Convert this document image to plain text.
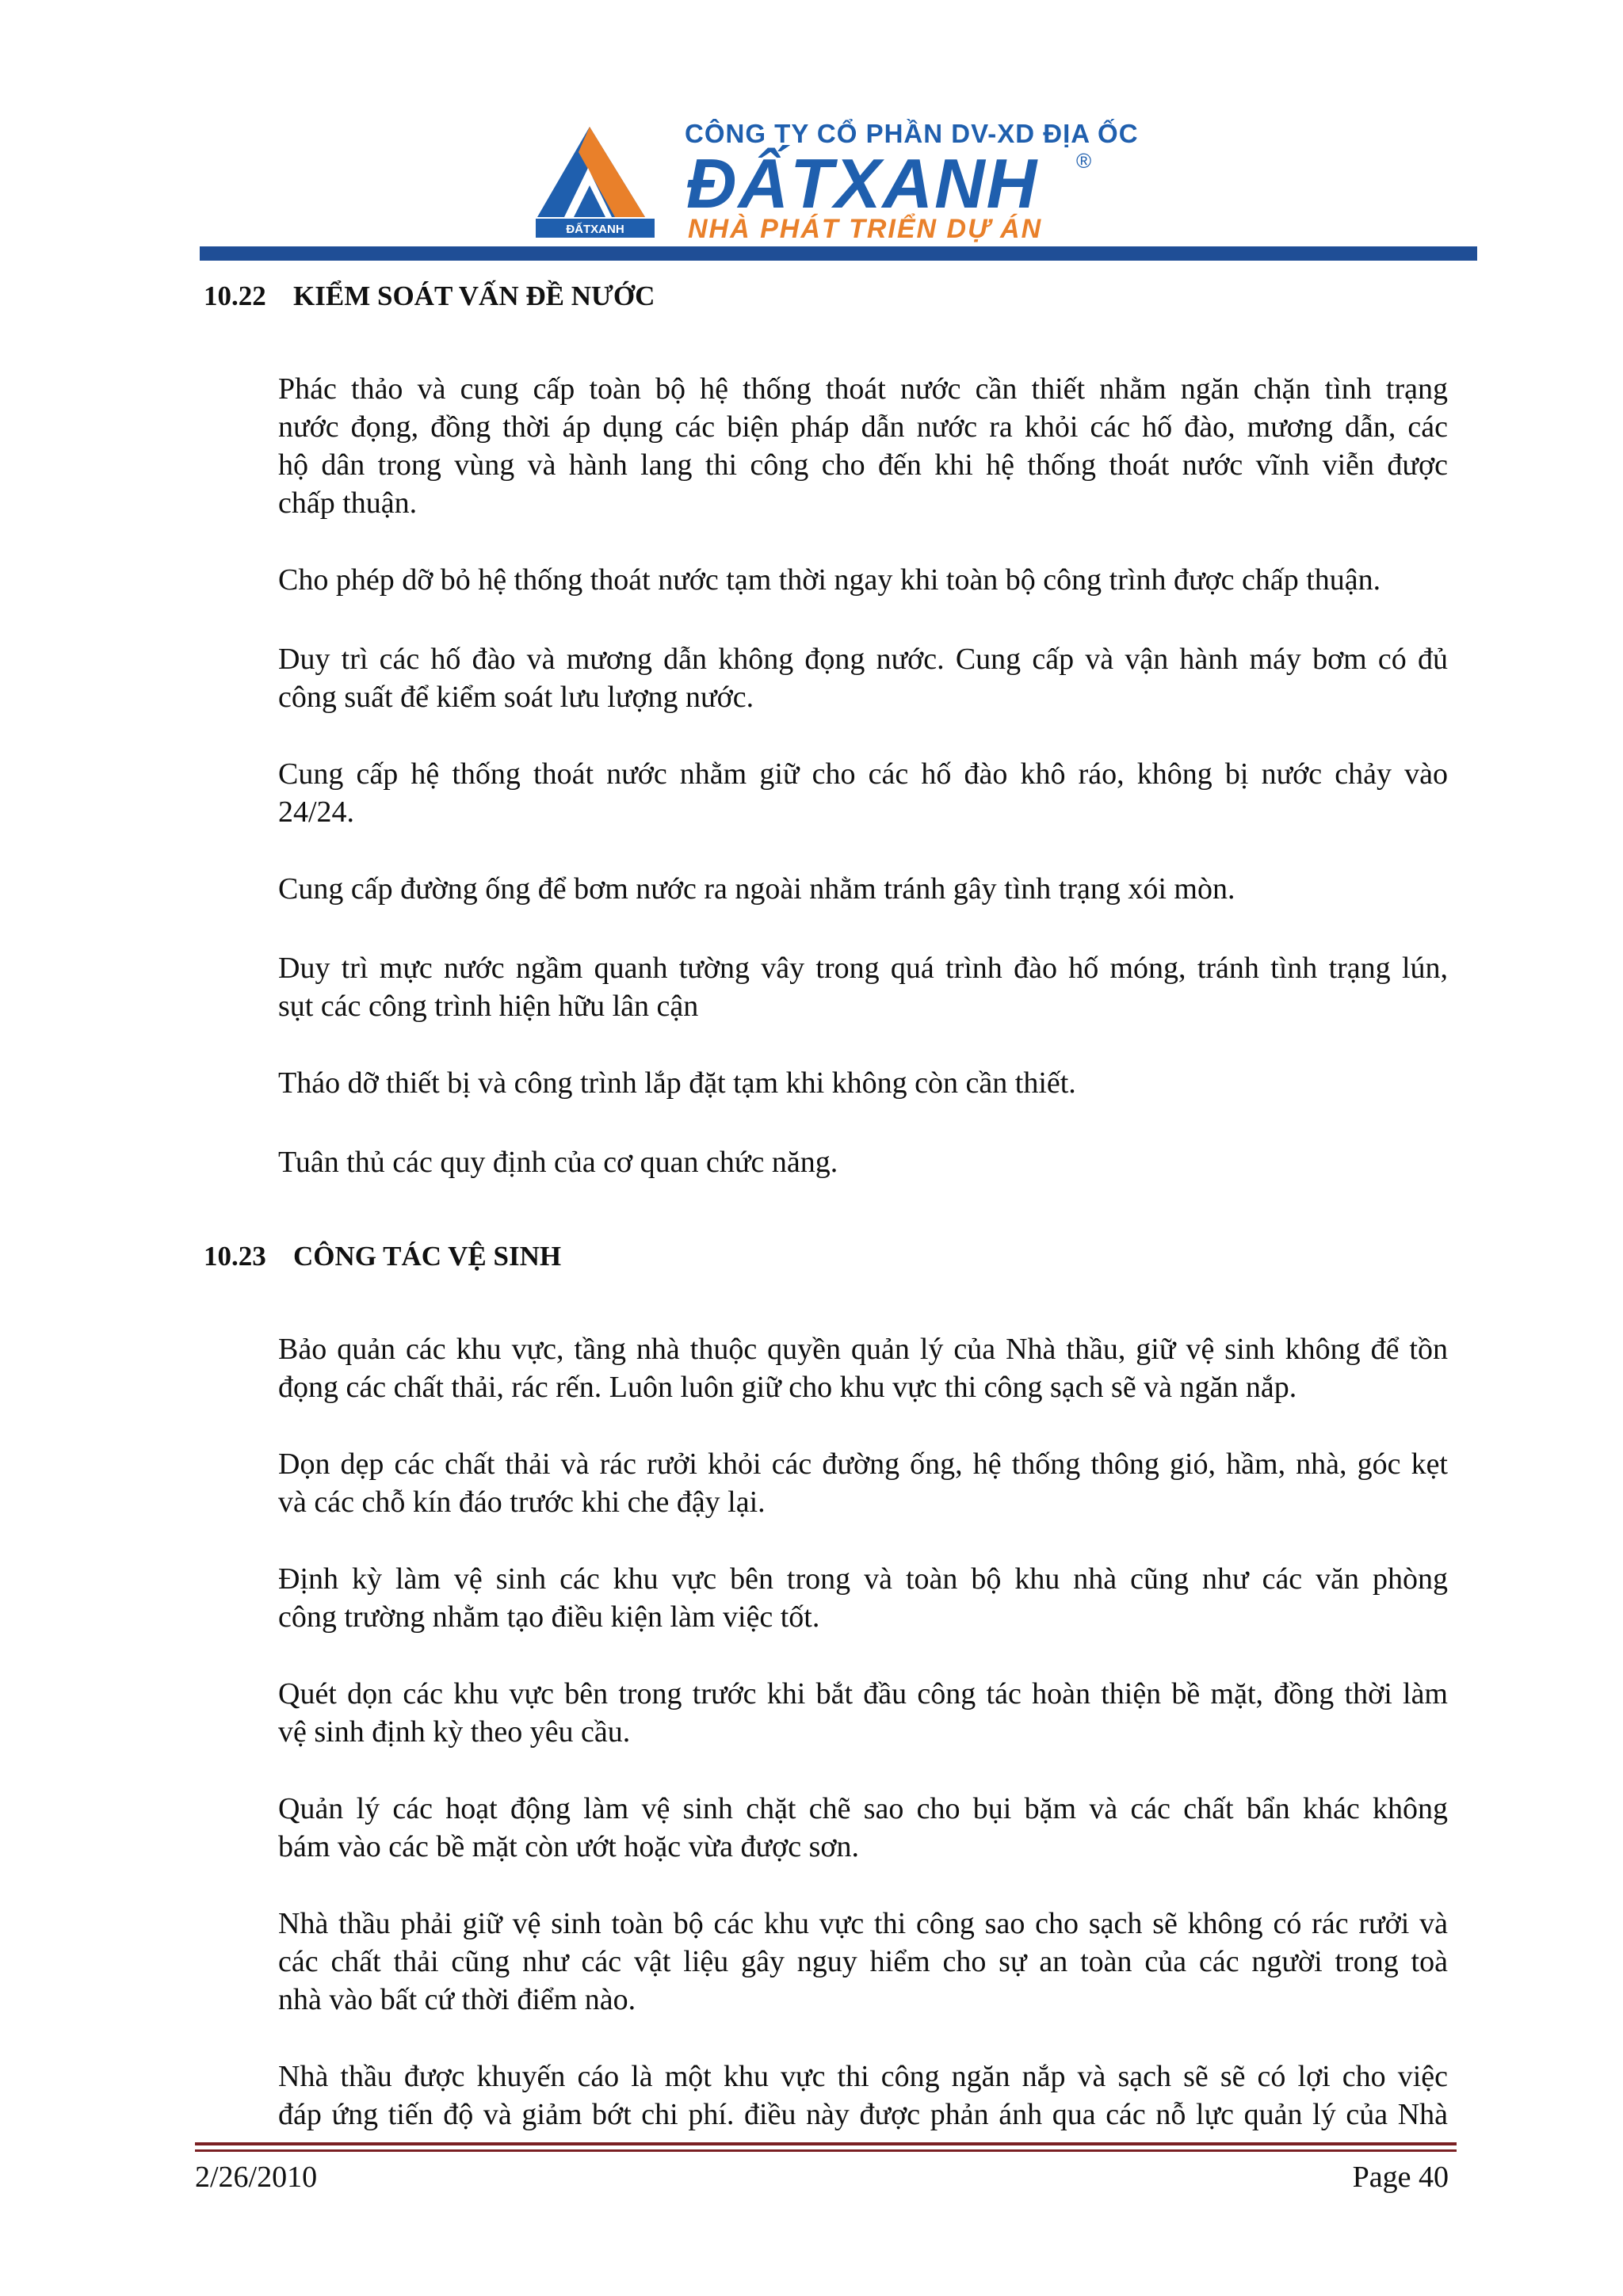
ĐẤTXANH
CÔNG TY CỔ PHẦN DV-XD ĐỊA ỐC
ĐẤTXANH ®
NHÀ PHÁT TRIỂN DỰ ÁN
10.22 KIỂM SOÁT VẤN ĐỀ NƯỚC
Phác thảo và cung cấp toàn bộ hệ thống thoát nước cần thiết nhằm ngăn chặn tình trạng
nước đọng, đồng thời áp dụng các biện pháp dẫn nước ra khỏi các hố đào, mương dẫn, các
hộ dân trong vùng và hành lang thi công cho đến khi hệ thống thoát nước vĩnh viễn được
chấp thuận.
Cho phép dỡ bỏ hệ thống thoát nước tạm thời ngay khi toàn bộ công trình được chấp thuận.
Duy trì các hố đào và mương dẫn không đọng nước. Cung cấp và vận hành máy bơm có đủ
công suất để kiểm soát lưu lượng nước.
Cung cấp hệ thống thoát nước nhằm giữ cho các hố đào khô ráo, không bị nước chảy vào
24/24.
Cung cấp đường ống để bơm nước ra ngoài nhằm tránh gây tình trạng xói mòn.
Duy trì mực nước ngầm quanh tường vây trong quá trình đào hố móng, tránh tình trạng lún,
sụt các công trình hiện hữu lân cận
Tháo dỡ thiết bị và công trình lắp đặt tạm khi không còn cần thiết.
Tuân thủ các quy định của cơ quan chức năng.
10.23 CÔNG TÁC VỆ SINH
Bảo quản các khu vực, tầng nhà thuộc quyền quản lý của Nhà thầu, giữ vệ sinh không để tồn
đọng các chất thải, rác rến. Luôn luôn giữ cho khu vực thi công sạch sẽ và ngăn nắp.
Dọn dẹp các chất thải và rác rưởi khỏi các đường ống, hệ thống thông gió, hầm, nhà, góc kẹt
và các chỗ kín đáo trước khi che đậy lại.
Định kỳ làm vệ sinh các khu vực bên trong và toàn bộ khu nhà cũng như các văn phòng
công trường nhằm tạo điều kiện làm việc tốt.
Quét dọn các khu vực bên trong trước khi bắt đầu công tác hoàn thiện bề mặt, đồng thời làm
vệ sinh định kỳ theo yêu cầu.
Quản lý các hoạt động làm vệ sinh chặt chẽ sao cho bụi bặm và các chất bẩn khác không
bám vào các bề mặt còn ướt hoặc vừa được sơn.
Nhà thầu phải giữ vệ sinh toàn bộ các khu vực thi công sao cho sạch sẽ không có rác rưởi và
các chất thải cũng như các vật liệu gây nguy hiểm cho sự an toàn của các người trong toà
nhà vào bất cứ thời điểm nào.
Nhà thầu được khuyến cáo là một khu vực thi công ngăn nắp và sạch sẽ sẽ có lợi cho việc
đáp ứng tiến độ và giảm bớt chi phí. điều này được phản ánh qua các nỗ lực quản lý của Nhà
2/26/2010	Page 40
